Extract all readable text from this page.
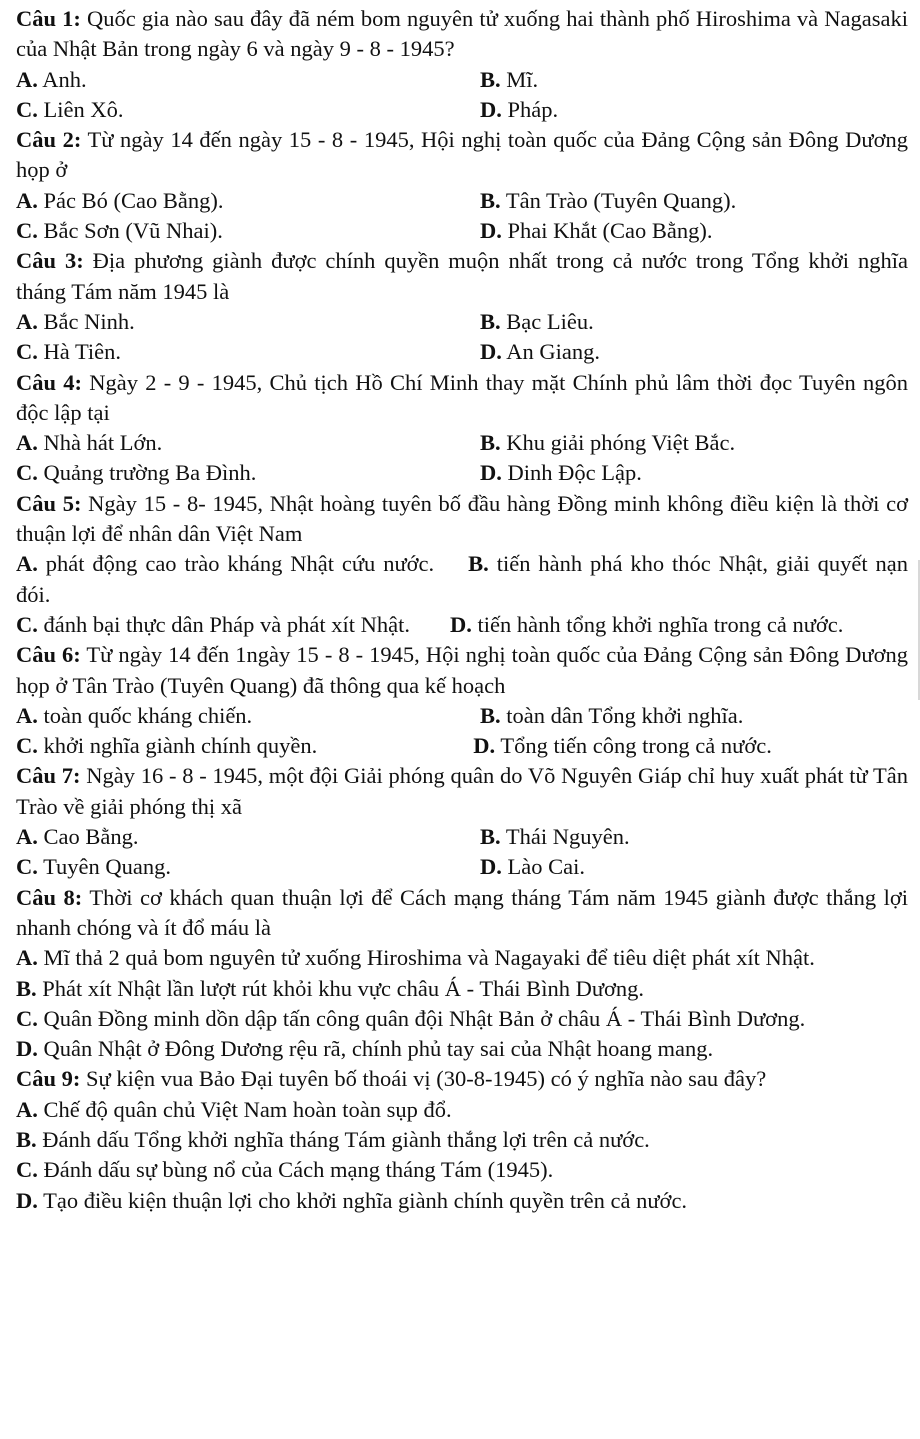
Câu 1: Quốc gia nào sau đây đã ném bom nguyên tử xuống hai thành phố Hiroshima và Nagasaki của Nhật Bản trong ngày 6 và ngày 9 - 8 - 1945?
A. Anh.	B. Mĩ.
C. Liên Xô.	D. Pháp.
Câu 2: Từ ngày 14 đến ngày 15 - 8 - 1945, Hội nghị toàn quốc của Đảng Cộng sản Đông Dương họp ở
A. Pác Bó (Cao Bằng).	B. Tân Trào (Tuyên Quang).
C. Bắc Sơn (Vũ Nhai).	D. Phai Khắt (Cao Bằng).
Câu 3: Địa phương giành được chính quyền muộn nhất trong cả nước trong Tổng khởi nghĩa tháng Tám năm 1945 là
A. Bắc Ninh.	B. Bạc Liêu.
C. Hà Tiên.	D. An Giang.
Câu 4: Ngày 2 - 9 - 1945, Chủ tịch Hồ Chí Minh thay mặt Chính phủ lâm thời đọc Tuyên ngôn độc lập tại
A. Nhà hát Lớn.	B. Khu giải phóng Việt Bắc.
C. Quảng trường Ba Đình.	D. Dinh Độc Lập.
Câu 5: Ngày 15 - 8- 1945, Nhật hoàng tuyên bố đầu hàng Đồng minh không điều kiện là thời cơ thuận lợi để nhân dân Việt Nam
A. phát động cao trào kháng Nhật cứu nước. B. tiến hành phá kho thóc Nhật, giải quyết nạn đói.
C. đánh bại thực dân Pháp và phát xít Nhật. D. tiến hành tổng khởi nghĩa trong cả nước.
Câu 6: Từ ngày 14 đến 1ngày 15 - 8 - 1945, Hội nghị toàn quốc của Đảng Cộng sản Đông Dương họp ở Tân Trào (Tuyên Quang) đã thông qua kế hoạch
A. toàn quốc kháng chiến.	B. toàn dân Tổng khởi nghĩa.
C. khởi nghĩa giành chính quyền.	D. Tổng tiến công trong cả nước.
Câu 7: Ngày 16 - 8 - 1945, một đội Giải phóng quân do Võ Nguyên Giáp chỉ huy xuất phát từ Tân Trào về giải phóng thị xã
A. Cao Bằng.	B. Thái Nguyên.
C. Tuyên Quang.	D. Lào Cai.
Câu 8: Thời cơ khách quan thuận lợi để Cách mạng tháng Tám năm 1945 giành được thắng lợi nhanh chóng và ít đổ máu là
A. Mĩ thả 2 quả bom nguyên tử xuống Hiroshima và Nagayaki để tiêu diệt phát xít Nhật.
B. Phát xít Nhật lần lượt rút khỏi khu vực châu Á - Thái Bình Dương.
C. Quân Đồng minh dồn dập tấn công quân đội Nhật Bản ở châu Á - Thái Bình Dương.
D. Quân Nhật ở Đông Dương rệu rã, chính phủ tay sai của Nhật hoang mang.
Câu 9: Sự kiện vua Bảo Đại tuyên bố thoái vị (30-8-1945) có ý nghĩa nào sau đây?
A. Chế độ quân chủ Việt Nam hoàn toàn sụp đổ.
B. Đánh dấu Tổng khởi nghĩa tháng Tám giành thắng lợi trên cả nước.
C. Đánh dấu sự bùng nổ của Cách mạng tháng Tám (1945).
D. Tạo điều kiện thuận lợi cho khởi nghĩa giành chính quyền trên cả nước.
